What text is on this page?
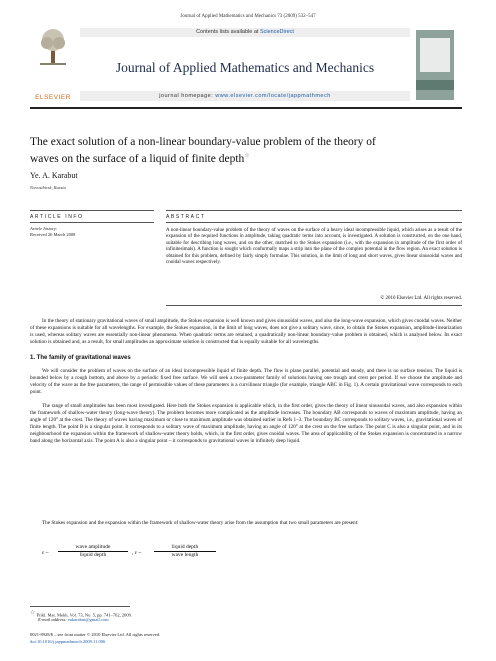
Journal of Applied Mathematics and Mechanics 73 (2009) 532–547
ELSEVIER
Contents lists available at ScienceDirect
Journal of Applied Mathematics and Mechanics
journal homepage: www.elsevier.com/locate/jappmathmech
The exact solution of a non-linear boundary-value problem of the theory of
waves on the surface of a liquid of finite depth☆
Ye. A. Karabut
Novosibirsk, Russia
ARTICLE INFO
Article history:
Received 26 March 2008
ABSTRACT
A non-linear boundary-value problem of the theory of waves on the surface of a heavy ideal incompressible liquid, which arises as a result of the expansion of the required functions in amplitude, taking quadratic terms into account, is investigated. A solution is constructed, on the one hand, suitable for describing long waves, and on the other, matched to the Stokes expansion (i.e., with the expansion in amplitude of the first order of infinitesimals). A function is sought which conformally maps a strip into the plane of the complex potential in the flow region. An exact solution is obtained for this problem, defined by fairly simply formulae. This solution, in the limit of long and short waves, gives linear sinusoidal waves and cnoidal waves respectively.
© 2010 Elsevier Ltd. All rights reserved.
In the theory of stationary gravitational waves of small amplitude, the Stokes expansion is well known and gives sinusoidal waves, and also the long-wave expansion, which gives cnoidal waves. Neither of these expansions is suitable for all wavelengths. For example, the Stokes expansion, in the limit of long waves, does not give a solitary wave, since, to obtain the Stokes expansion, amplitude-linearization is used, whereas solitary waves are essentially non-linear phenomena. When quadratic terms are retained, a quadratically non-linear boundary-value problem is obtained, which is analysed below. Its exact solution is obtained and, as a result, for small amplitudes an approximate solution is constructed that is equally suitable for all wavelengths.
1. The family of gravitational waves
We will consider the problem of waves on the surface of an ideal incompressible liquid of finite depth. The flow is plane parallel, potential and steady, and there is no surface tension. The liquid is bounded below by a rough bottom, and above by a periodic fixed free surface. We will seek a two-parameter family of solutions having one trough and crest per period. If we choose the amplitude and velocity of the wave as the free parameters, the range of permissible values of these parameters is a curvilinear triangle (for example, triangle ABC in Fig. 1). A certain gravitational wave corresponds to each point.
The range of small amplitudes has been most investigated. Here both the Stokes expansion is applicable which, in the first order, gives the theory of linear sinusoidal waves, and also expansion within the framework of shallow-water theory (long-wave theory). The problem becomes more complicated as the amplitude increases. The boundary AB corresponds to waves of maximum amplitude, having an angle of 120° at the crest. The theory of waves having maximum or close to maximum amplitude was obtained earlier in Refs 1–3. The boundary BC corresponds to solitary waves, i.e., gravitational waves of finite length. The point B is a singular point. It corresponds to a solitary wave of maximum amplitude, having an angle of 120° at the crest on the free surface. The point C is also a singular point, and in its neighbourhood the expansion within the framework of shallow-water theory holds, which, in the first order, gives cnoidal waves. The area of applicability of the Stokes expansion is concentrated in a narrow band along the horizontal axis. The point A is also a singular point – it corresponds to gravitational waves in infinitely deep liquid.
The Stokes expansion and the expansion within the framework of shallow-water theory arise from the assumption that two small parameters are present:
ε ~
wave amplitude
liquid depth	, ε ~
liquid depth
wave length
☆ Prikl. Mat. Mekh. Vol. 73, No. 5, pp. 741–762, 2009.
E-mail address: eakarabut@gmail.com
0021-8928/$ – see front matter © 2010 Elsevier Ltd. All rights reserved.
doi:10.1016/j.jappmathmech.2009.11.006
